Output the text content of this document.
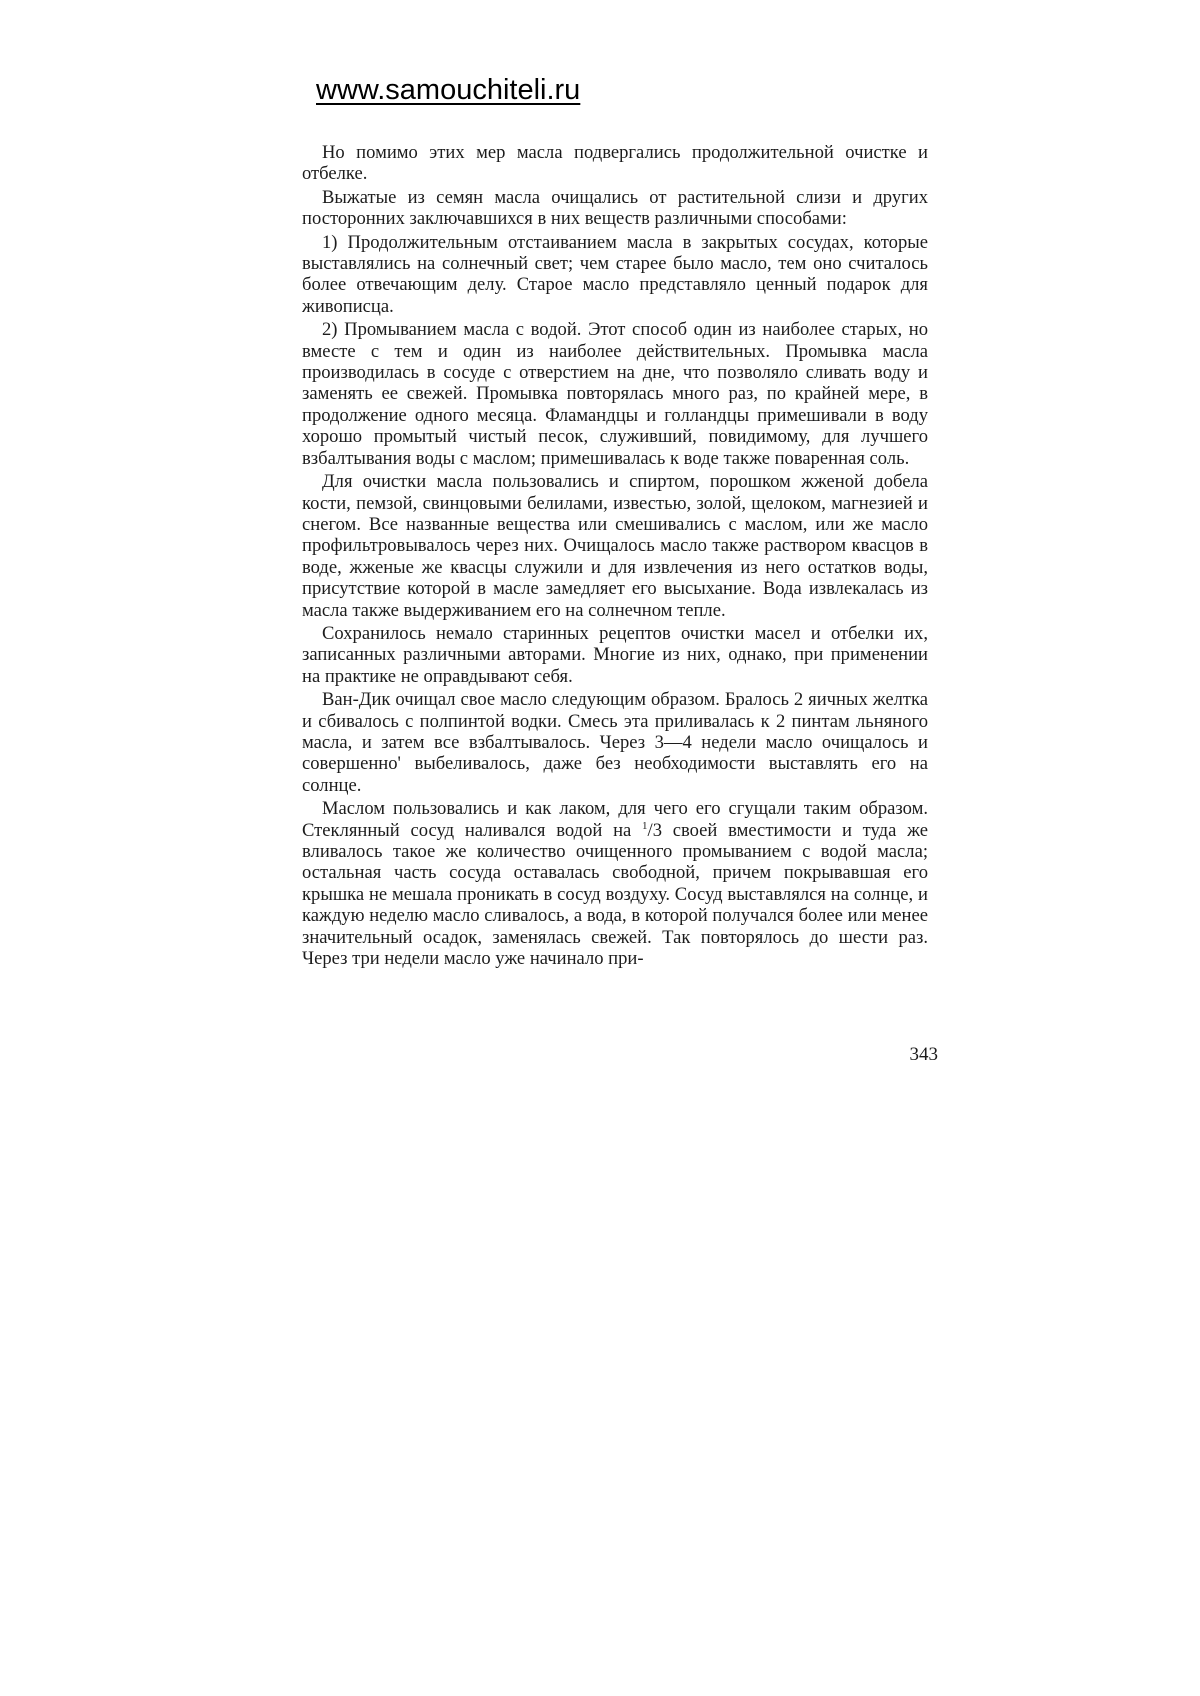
www.samouchiteli.ru

Но помимо этих мер масла подвергались продолжительной очистке и отбелке.

Выжатые из семян масла очищались от растительной слизи и других посторонних заключавшихся в них веществ различными способами:

1) Продолжительным отстаиванием масла в закрытых сосудах, которые выставлялись на солнечный свет; чем старее было масло, тем оно считалось более отвечающим делу. Старое масло представляло ценный подарок для живописца.

2) Промыванием масла с водой. Этот способ один из наиболее старых, но вместе с тем и один из наиболее действительных. Промывка масла производилась в сосуде с отверстием на дне, что позволяло сливать воду и заменять ее свежей. Промывка повторялась много раз, по крайней мере, в продолжение одного месяца. Фламандцы и голландцы примешивали в воду хорошо промытый чистый песок, служивший, повидимому, для лучшего взбалтывания воды с маслом; примешивалась к воде также поваренная соль.

Для очистки масла пользовались и спиртом, порошком жженой добела кости, пемзой, свинцовыми белилами, известью, золой, щелоком, магнезией и снегом. Все названные вещества или смешивались с маслом, или же масло профильтровывалось через них. Очищалось масло также раствором квасцов в воде, жженые же квасцы служили и для извлечения из него остатков воды, присутствие которой в масле замедляет его высыхание. Вода извлекалась из масла также выдерживанием его на солнечном тепле.

Сохранилось немало старинных рецептов очистки масел и отбелки их, записанных различными авторами. Многие из них, однако, при применении на практике не оправдывают себя.

Ван-Дик очищал свое масло следующим образом. Бралось 2 яичных желтка и сбивалось с полпинтой водки. Смесь эта приливалась к 2 пинтам льняного масла, и затем все взбалтывалось. Через 3—4 недели масло очищалось и совершенно' выбеливалось, даже без необходимости выставлять его на солнце.

Маслом пользовались и как лаком, для чего его сгущали таким образом. Стеклянный сосуд наливался водой на $^1$/3 своей вместимости и туда же вливалось такое же количество очищенного промыванием с водой масла; остальная часть сосуда оставалась свободной, причем покрывавшая его крышка не мешала проникать в сосуд воздуху. Сосуд выставлялся на солнце, и каждую неделю масло сливалось, а вода, в которой получался более или менее значительный осадок, заменялась свежей. Так повторялось до шести раз. Через три недели масло уже начинало при-

343
